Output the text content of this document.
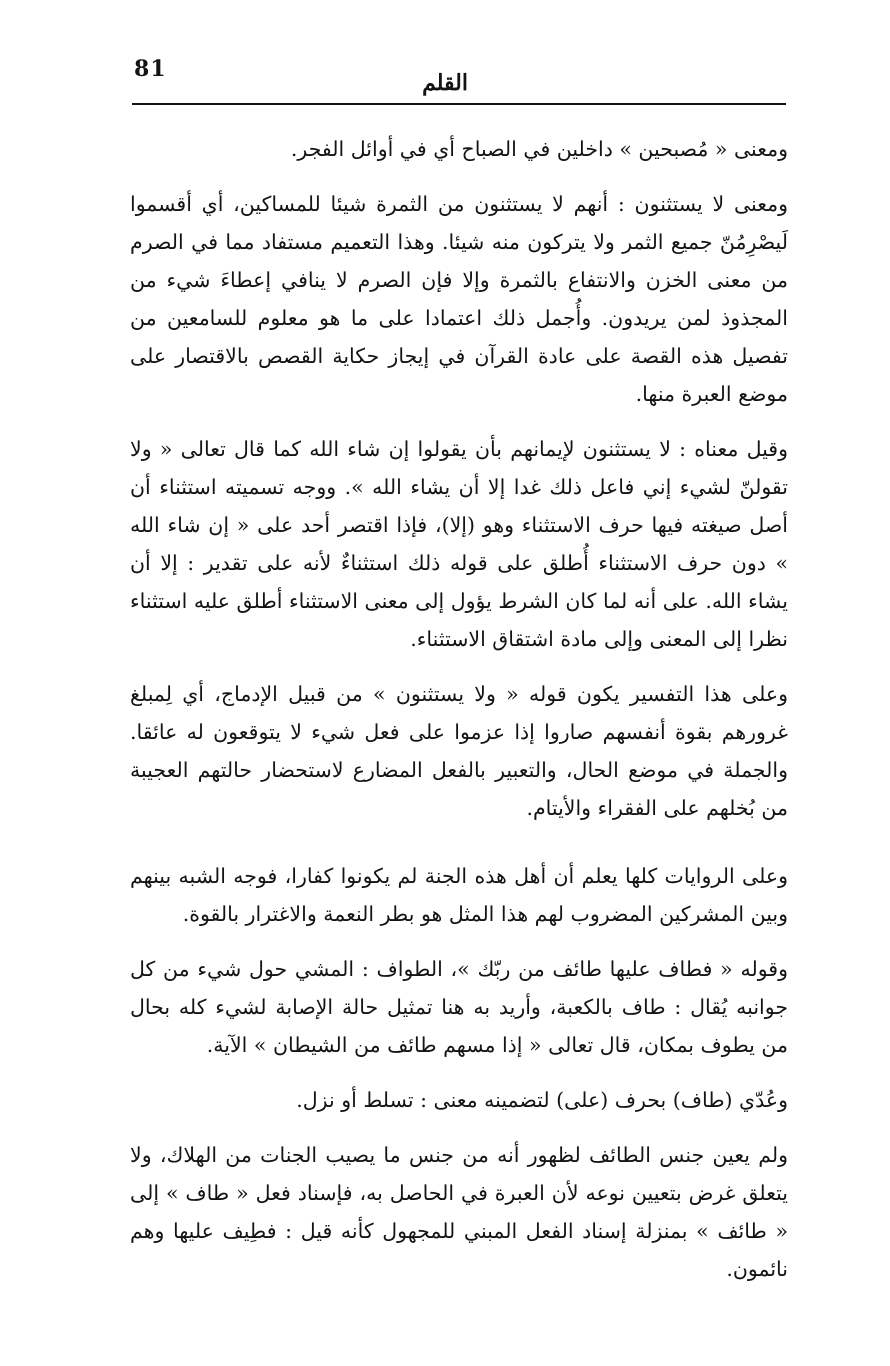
81
القلم

ومعنى « مُصبحين » داخلين في الصباح أي في أوائل الفجر.

ومعنى لا يستثنون : أنهم لا يستثنون من الثمرة شيئا للمساكين، أي أقسموا لَيصْرِمُنّ جميع الثمر ولا يتركون منه شيئا. وهذا التعميم مستفاد مما في الصرم من معنى الخزن والانتفاع بالثمرة وإلا فإن الصرم لا ينافي إعطاءَ شيء من المجذوذ لمن يريدون. وأُجمل ذلك اعتمادا على ما هو معلوم للسامعين من تفصيل هذه القصة على عادة القرآن في إيجاز حكاية القصص بالاقتصار على موضع العبرة منها.

وقيل معناه : لا يستثنون لإيمانهم بأن يقولوا إن شاء الله كما قال تعالى « ولا تقولنّ لشيء إني فاعل ذلك غدا إلا أن يشاء الله ». ووجه تسميته استثناء أن أصل صيغته فيها حرف الاستثناء وهو (إلا)، فإذا اقتصر أحد على « إن شاء الله » دون حرف الاستثناء أُطلق على قوله ذلك استثناءٌ لأنه على تقدير : إلا أن يشاء الله. على أنه لما كان الشرط يؤول إلى معنى الاستثناء أطلق عليه استثناء نظرا إلى المعنى وإلى مادة اشتقاق الاستثناء.

وعلى هذا التفسير يكون قوله « ولا يستثنون » من قبيل الإدماج، أي لِمبلغ غرورهم بقوة أنفسهم صاروا إذا عزموا على فعل شيء لا يتوقعون له عائقا. والجملة في موضع الحال، والتعبير بالفعل المضارع لاستحضار حالتهم العجيبة من بُخلهم على الفقراء والأيتام.

وعلى الروايات كلها يعلم أن أهل هذه الجنة لم يكونوا كفارا، فوجه الشبه بينهم وبين المشركين المضروب لهم هذا المثل هو بطر النعمة والاغترار بالقوة.

وقوله « فطاف عليها طائف من ربّك »، الطواف : المشي حول شيء من كل جوانبه يُقال : طاف بالكعبة، وأريد به هنا تمثيل حالة الإصابة لشيء كله بحال من يطوف بمكان، قال تعالى « إذا مسهم طائف من الشيطان » الآية.

وعُدّي (طاف) بحرف (على) لتضمينه معنى : تسلط أو نزل.

ولم يعين جنس الطائف لظهور أنه من جنس ما يصيب الجنات من الهلاك، ولا يتعلق غرض بتعيين نوعه لأن العبرة في الحاصل به، فإسناد فعل « طاف » إلى « طائف » بمنزلة إسناد الفعل المبني للمجهول كأنه قيل : فطِيف عليها وهم نائمون.
